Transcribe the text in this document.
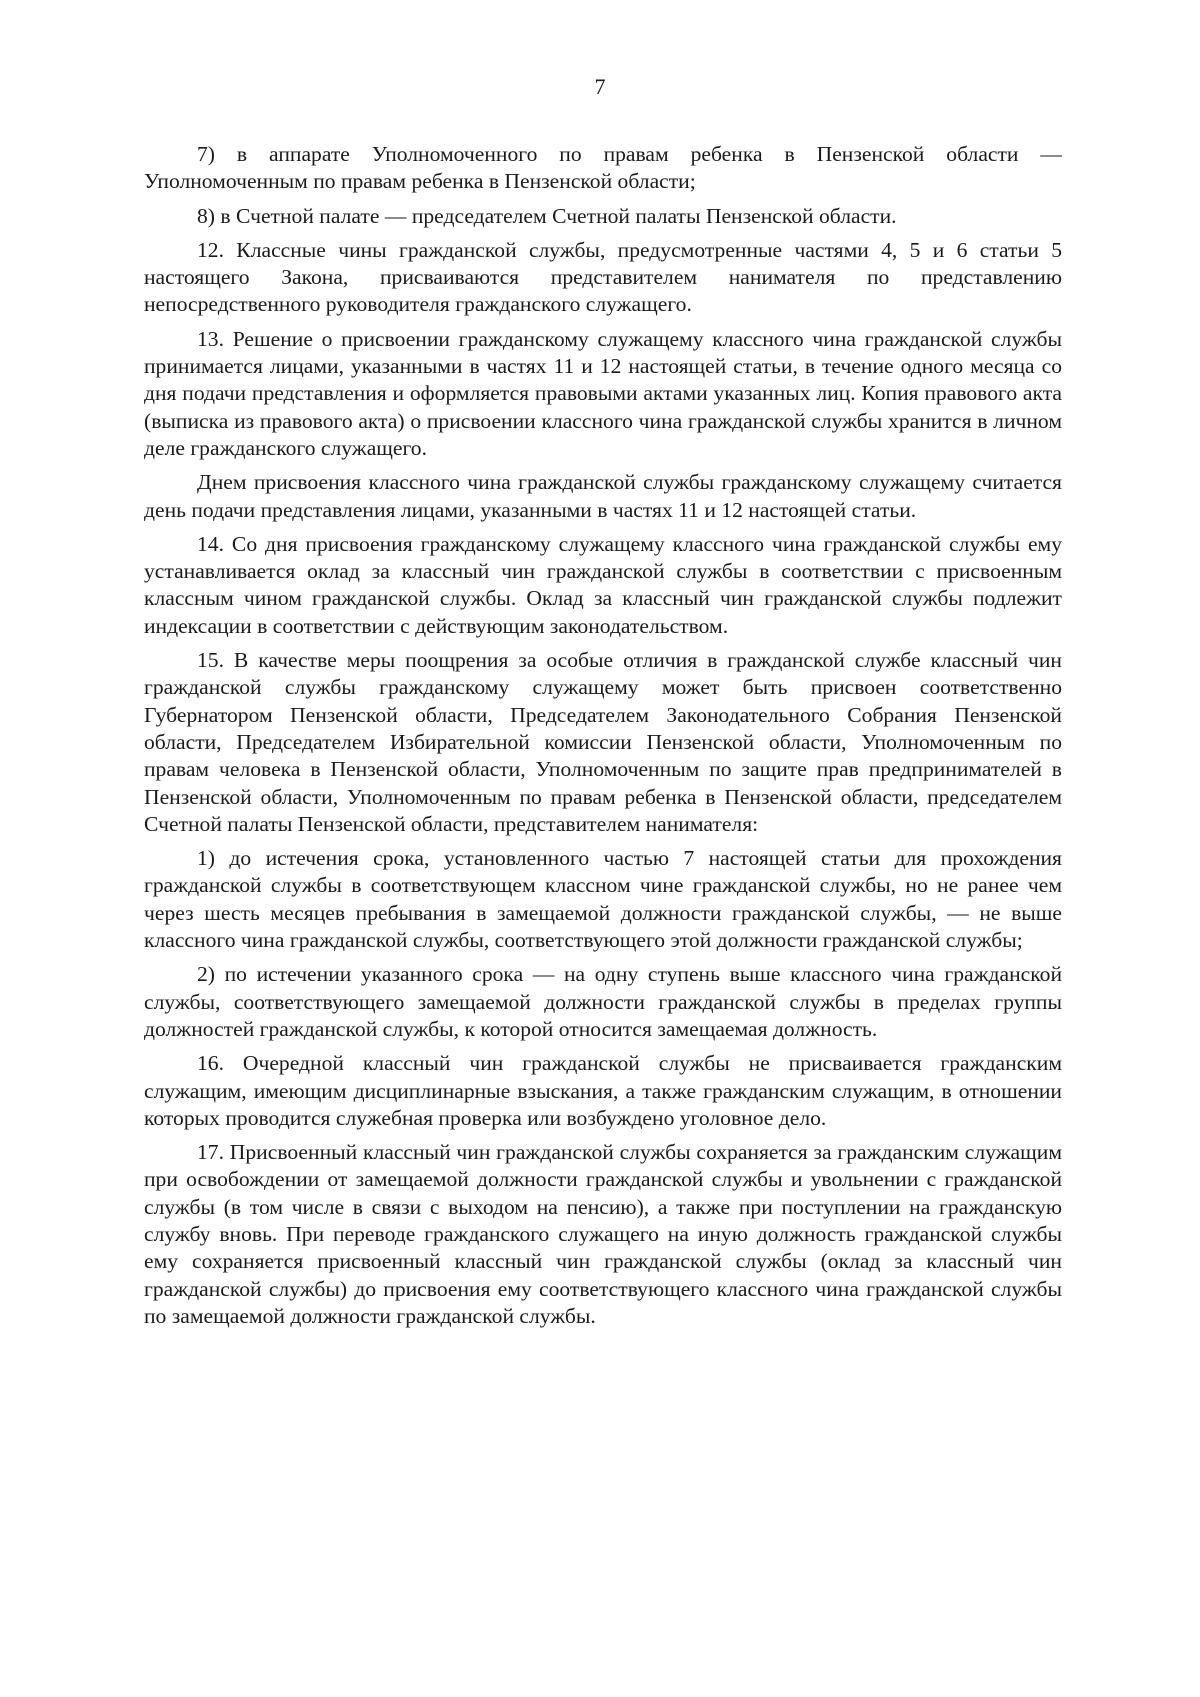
7

7) в аппарате Уполномоченного по правам ребенка в Пензенской области — Уполномоченным по правам ребенка в Пензенской области;

8) в Счетной палате — председателем Счетной палаты Пензенской области.

12. Классные чины гражданской службы, предусмотренные частями 4, 5 и 6 статьи 5 настоящего Закона, присваиваются представителем нанимателя по представлению непосредственного руководителя гражданского служащего.

13. Решение о присвоении гражданскому служащему классного чина гражданской службы принимается лицами, указанными в частях 11 и 12 настоящей статьи, в течение одного месяца со дня подачи представления и оформляется правовыми актами указанных лиц. Копия правового акта (выписка из правового акта) о присвоении классного чина гражданской службы хранится в личном деле гражданского служащего.

Днем присвоения классного чина гражданской службы гражданскому служащему считается день подачи представления лицами, указанными в частях 11 и 12 настоящей статьи.

14. Со дня присвоения гражданскому служащему классного чина гражданской службы ему устанавливается оклад за классный чин гражданской службы в соответствии с присвоенным классным чином гражданской службы. Оклад за классный чин гражданской службы подлежит индексации в соответствии с действующим законодательством.

15. В качестве меры поощрения за особые отличия в гражданской службе классный чин гражданской службы гражданскому служащему может быть присвоен соответственно Губернатором Пензенской области, Председателем Законодательного Собрания Пензенской области, Председателем Избирательной комиссии Пензенской области, Уполномоченным по правам человека в Пензенской области, Уполномоченным по защите прав предпринимателей в Пензенской области, Уполномоченным по правам ребенка в Пензенской области, председателем Счетной палаты Пензенской области, представителем нанимателя:

1) до истечения срока, установленного частью 7 настоящей статьи для прохождения гражданской службы в соответствующем классном чине гражданской службы, но не ранее чем через шесть месяцев пребывания в замещаемой должности гражданской службы, — не выше классного чина гражданской службы, соответствующего этой должности гражданской службы;

2) по истечении указанного срока — на одну ступень выше классного чина гражданской службы, соответствующего замещаемой должности гражданской службы в пределах группы должностей гражданской службы, к которой относится замещаемая должность.

16. Очередной классный чин гражданской службы не присваивается гражданским служащим, имеющим дисциплинарные взыскания, а также гражданским служащим, в отношении которых проводится служебная проверка или возбуждено уголовное дело.

17. Присвоенный классный чин гражданской службы сохраняется за гражданским служащим при освобождении от замещаемой должности гражданской службы и увольнении с гражданской службы (в том числе в связи с выходом на пенсию), а также при поступлении на гражданскую службу вновь. При переводе гражданского служащего на иную должность гражданской службы ему сохраняется присвоенный классный чин гражданской службы (оклад за классный чин гражданской службы) до присвоения ему соответствующего классного чина гражданской службы по замещаемой должности гражданской службы.
